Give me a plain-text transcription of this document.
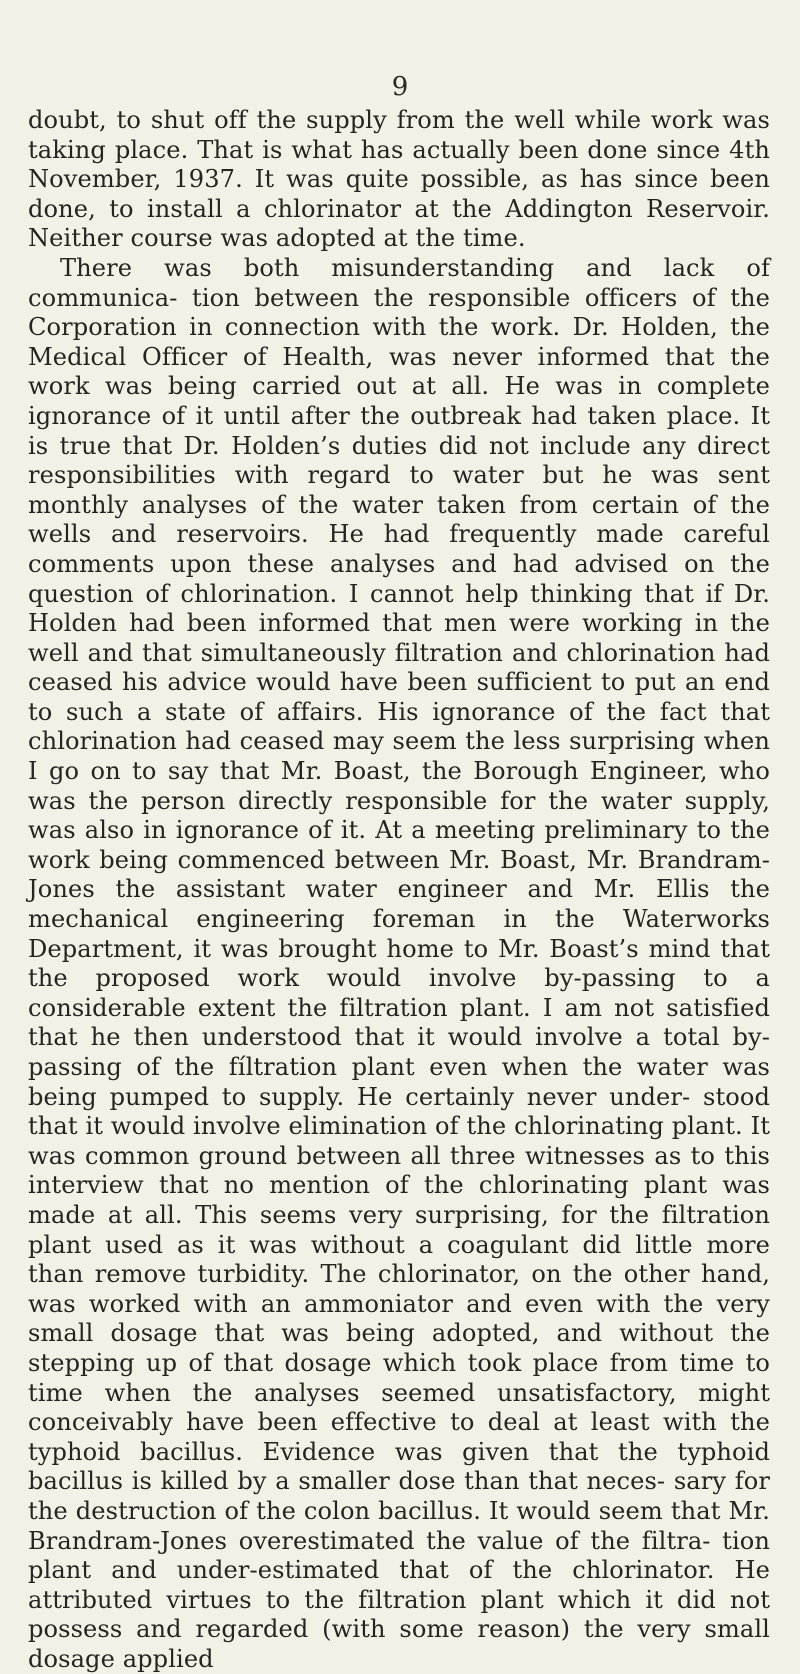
9

doubt, to shut off the supply from the well while work was taking place. That is what has actually been done since 4th November, 1937. It was quite possible, as has since been done, to install a chlorinator at the Addington Reservoir. Neither course was adopted at the time.

There was both misunderstanding and lack of communica- tion between the responsible officers of the Corporation in connection with the work. Dr. Holden, the Medical Officer of Health, was never informed that the work was being carried out at all. He was in complete ignorance of it until after the outbreak had taken place. It is true that Dr. Holden’s duties did not include any direct responsibilities with regard to water but he was sent monthly analyses of the water taken from certain of the wells and reservoirs. He had frequently made careful comments upon these analyses and had advised on the question of chlorination. I cannot help thinking that if Dr. Holden had been informed that men were working in the well and that simultaneously filtration and chlorination had ceased his advice would have been sufficient to put an end to such a state of affairs. His ignorance of the fact that chlorination had ceased may seem the less surprising when I go on to say that Mr. Boast, the Borough Engineer, who was the person directly responsible for the water supply, was also in ignorance of it. At a meeting preliminary to the work being commenced between Mr. Boast, Mr. Brandram- Jones the assistant water engineer and Mr. Ellis the mechanical engineering foreman in the Waterworks Department, it was brought home to Mr. Boast’s mind that the proposed work would involve by-passing to a considerable extent the filtration plant. I am not satisfied that he then understood that it would involve a total by-passing of the fíltration plant even when the water was being pumped to supply. He certainly never under- stood that it would involve elimination of the chlorinating plant. It was common ground between all three witnesses as to this interview that no mention of the chlorinating plant was made at all. This seems very surprising, for the filtration plant used as it was without a coagulant did little more than remove turbidity. The chlorinator, on the other hand, was worked with an ammoniator and even with the very small dosage that was being adopted, and without the stepping up of that dosage which took place from time to time when the analyses seemed unsatisfactory, might conceivably have been effective to deal at least with the typhoid bacillus. Evidence was given that the typhoid bacillus is killed by a smaller dose than that neces- sary for the destruction of the colon bacillus. It would seem that Mr. Brandram-Jones overestimated the value of the filtra- tion plant and under-estimated that of the chlorinator. He attributed virtues to the filtration plant which it did not possess and regarded (with some reason) the very small dosage applied
